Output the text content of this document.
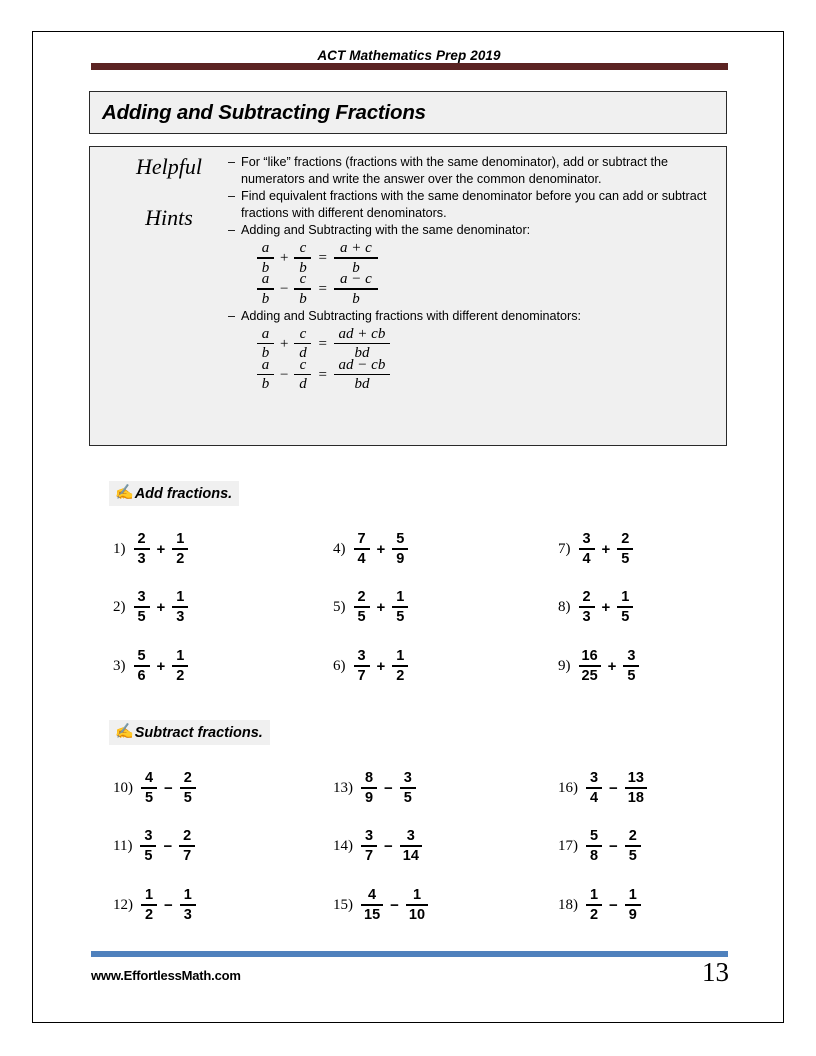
ACT Mathematics Prep 2019
Adding and Subtracting Fractions
Helpful
Hints
– For “like” fractions (fractions with the same denominator), add or subtract the numerators and write the answer over the common denominator.
– Find equivalent fractions with the same denominator before you can add or subtract fractions with different denominators.
– Adding and Subtracting with the same denominator:
$\frac{a}{b} + \frac{c}{b} = \frac{a + c}{b}$
$\frac{a}{b} - \frac{c}{b} = \frac{a - c}{b}$
– Adding and Subtracting fractions with different denominators:
$\frac{a}{b} + \frac{c}{d} = \frac{ad + cb}{bd}$
$\frac{a}{b} - \frac{c}{d} = \frac{ad - cb}{bd}$
✍ Add fractions.
✍ Subtract fractions.
$1) \frac{2}{3} + \frac{1}{2}$
$2) \frac{3}{5} + \frac{1}{3}$
$3) \frac{5}{6} + \frac{1}{2}$
$4) \frac{7}{4} + \frac{5}{9}$
$5) \frac{2}{5} + \frac{1}{5}$
$6) \frac{3}{7} + \frac{1}{2}$
$7) \frac{3}{4} + \frac{2}{5}$
$8) \frac{2}{3} + \frac{1}{5}$
$9) \frac{16}{25} + \frac{3}{5}$
$10) \frac{4}{5} - \frac{2}{5}$
$11) \frac{3}{5} - \frac{2}{7}$
$12) \frac{1}{2} - \frac{1}{3}$
$13) \frac{8}{9} - \frac{3}{5}$
$14) \frac{3}{7} - \frac{3}{14}$
$15) \frac{4}{15} - \frac{1}{10}$
$16) \frac{3}{4} - \frac{13}{18}$
$17) \frac{5}{8} - \frac{2}{5}$
$18) \frac{1}{2} - \frac{1}{9}$
www.EffortlessMath.com	13
